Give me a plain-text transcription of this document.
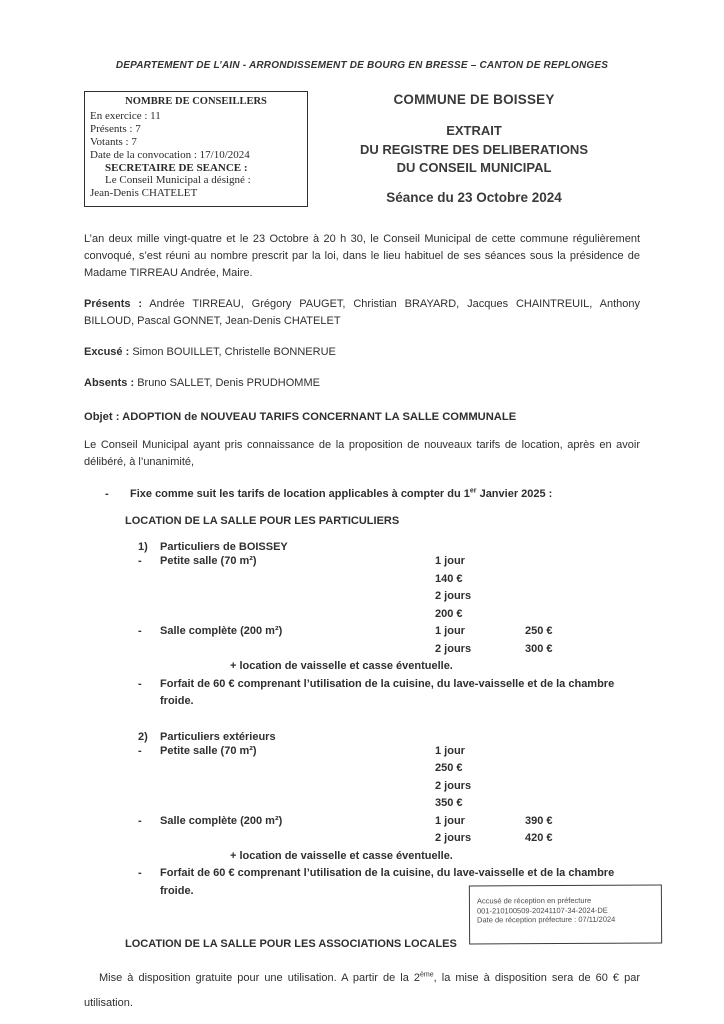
DEPARTEMENT DE L’AIN - ARRONDISSEMENT DE BOURG EN BRESSE – CANTON DE REPLONGES
NOMBRE DE CONSEILLERS
En exercice : 11
Présents : 7
Votants : 7
Date de la convocation : 17/10/2024
SECRETAIRE DE SEANCE :
Le Conseil Municipal a désigné :
Jean-Denis CHATELET
COMMUNE DE BOISSEY
EXTRAIT
DU REGISTRE DES DELIBERATIONS
DU CONSEIL MUNICIPAL
Séance du 23 Octobre 2024

L’an deux mille vingt-quatre et le 23 Octobre à 20 h 30, le Conseil Municipal de cette commune régulièrement convoqué, s’est réuni au nombre prescrit par la loi, dans le lieu habituel de ses séances sous la présidence de Madame TIRREAU Andrée, Maire.

Présents : Andrée TIRREAU, Grégory PAUGET, Christian BRAYARD, Jacques CHAINTREUIL, Anthony BILLOUD, Pascal GONNET, Jean-Denis CHATELET

Excusé : Simon BOUILLET, Christelle BONNERUE

Absents : Bruno SALLET, Denis PRUDHOMME

Objet : ADOPTION de NOUVEAU TARIFS CONCERNANT LA SALLE COMMUNALE

Le Conseil Municipal ayant pris connaissance de la proposition de nouveaux tarifs de location, après en avoir délibéré, à l’unanimité,

-	Fixe comme suit les tarifs de location applicables à compter du 1er Janvier 2025 :
LOCATION DE LA SALLE POUR LES PARTICULIERS
1) Particuliers de BOISSEY
-	Petite salle (70 m²)	1 jour
140 €
2 jours
200 €
-	Salle complète (200 m²)	1 jour	250 €
2 jours	300 €
+ location de vaisselle et casse éventuelle.
-	Forfait de 60 € comprenant l’utilisation de la cuisine, du lave-vaisselle et de la chambre froide.
2) Particuliers extérieurs
-	Petite salle (70 m²)	1 jour
250 €
2 jours
350 €
-	Salle complète (200 m²)	1 jour	390 €
2 jours	420 €
+ location de vaisselle et casse éventuelle.
-	Forfait de 60 € comprenant l’utilisation de la cuisine, du lave-vaisselle et de la chambre froide.
LOCATION DE LA SALLE POUR LES ASSOCIATIONS LOCALES

Mise à disposition gratuite pour une utilisation. A partir de la 2ème, la mise à disposition sera de 60 € par utilisation.

Accusé de réception en préfecture
001-210100509-20241107-34-2024-DE
Date de réception préfecture : 07/11/2024
